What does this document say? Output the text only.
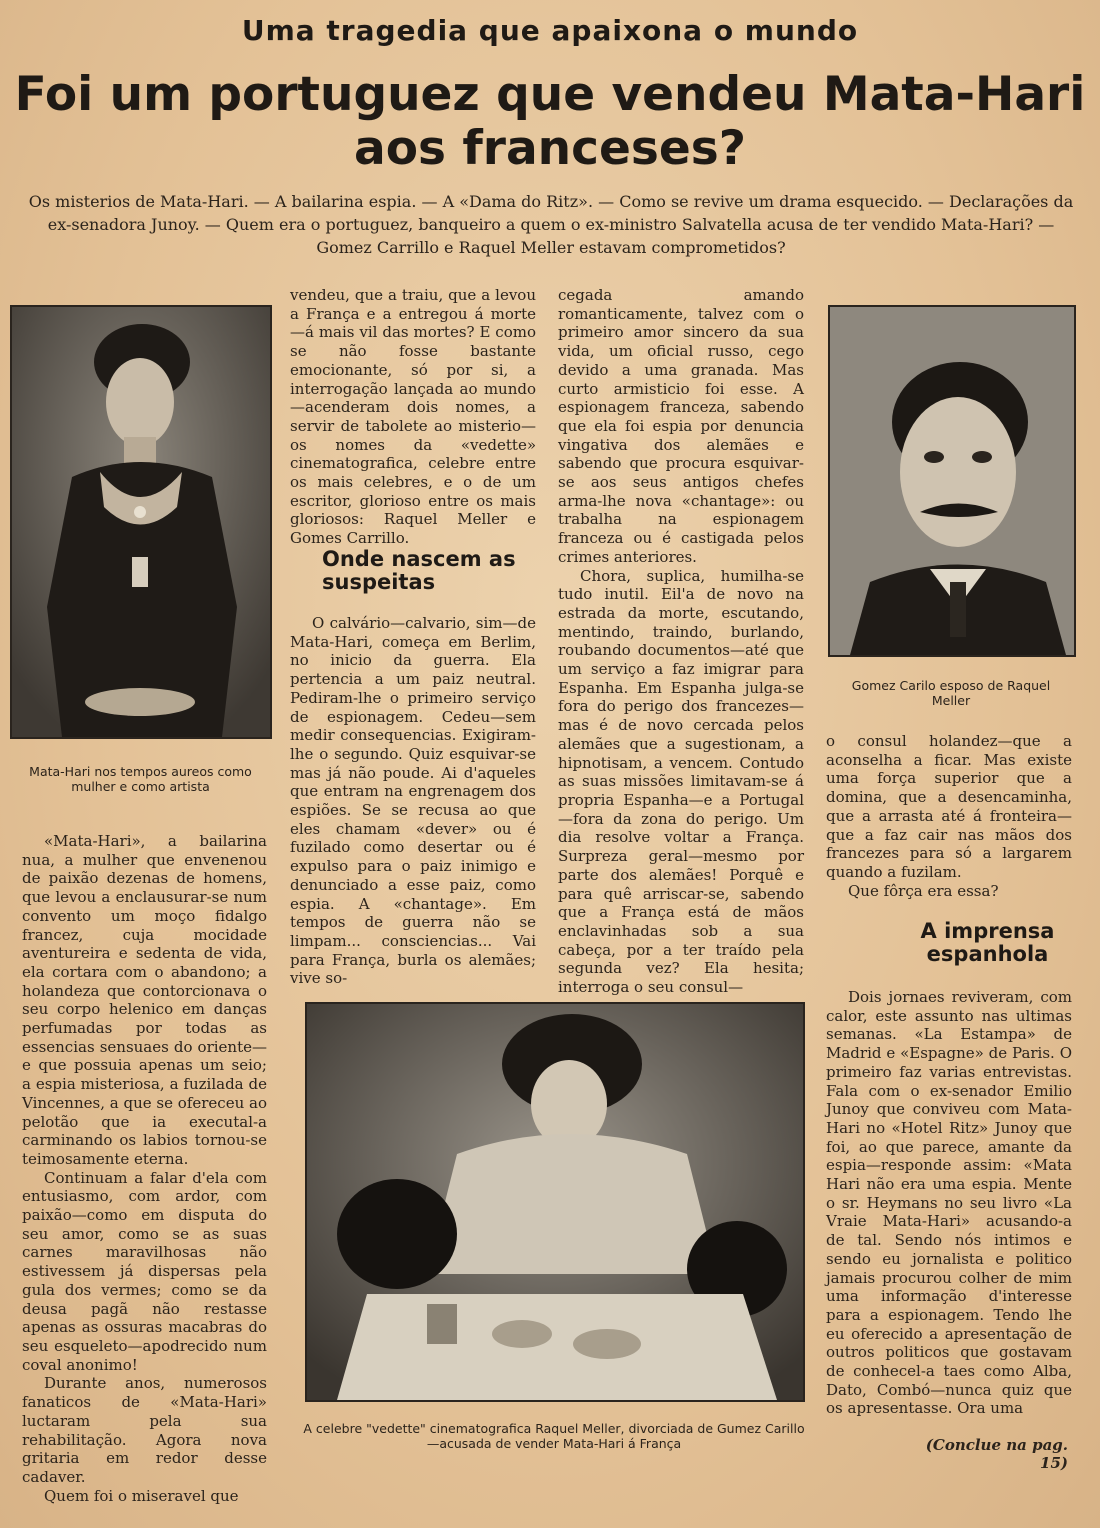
Uma tragedia que apaixona o mundo
Foi um portuguez que vendeu Mata-Hari
aos franceses?
Os misterios de Mata-Hari. — A bailarina espia. — A «Dama do Ritz». — Como se revive um drama esquecido. — Declarações da ex-senadora Junoy. — Quem era o portuguez, banqueiro a quem o ex-ministro Salvatella acusa de ter vendido Mata-Hari? — Gomez Carrillo e Raquel Meller estavam comprometidos?
Mata-Hari nos tempos aureos como mulher e como artista
Gomez Carilo esposo de Raquel Meller
A celebre "vedette" cinematografica Raquel Meller, divorciada de Gumez Carillo—acusada de vender Mata-Hari á França

«Mata-Hari», a bailarina nua, a mulher que envenenou de paixão dezenas de homens, que levou a enclausurar-se num convento um moço fidalgo francez, cuja mocidade aventureira e sedenta de vida, ela cortara com o abandono; a holandeza que contorcionava o seu corpo helenico em danças perfumadas por todas as essencias sensuaes do oriente—e que possuia apenas um seio; a espia misteriosa, a fuzilada de Vincennes, a que se ofereceu ao pelotão que ia executal-a carminando os labios tornou-se teimosamente eterna.

Continuam a falar d'ela com entusiasmo, com ardor, com paixão—como em disputa do seu amor, como se as suas carnes maravilhosas não estivessem já dispersas pela gula dos vermes; como se da deusa pagã não restasse apenas as ossuras macabras do seu esqueleto—apodrecido num coval anonimo!

Durante anos, numerosos fanaticos de «Mata-Hari» luctaram pela sua rehabilitação. Agora nova gritaria em redor desse cadaver.

Quem foi o miseravel que

vendeu, que a traiu, que a levou a França e a entregou á morte—á mais vil das mortes? E como se não fosse bastante emocionante, só por si, a interrogação lançada ao mundo—acenderam dois nomes, a servir de tabolete ao misterio—os nomes da «vedette» cinematografica, celebre entre os mais celebres, e o de um escritor, glorioso entre os mais gloriosos: Raquel Meller e Gomes Carrillo.

Onde nascem as suspeitas

O calvário—calvario, sim—de Mata-Hari, começa em Berlim, no inicio da guerra. Ela pertencia a um paiz neutral. Pediram-lhe o primeiro serviço de espionagem. Cedeu—sem medir consequencias. Exigiram-lhe o segundo. Quiz esquivar-se mas já não poude. Ai d'aqueles que entram na engrenagem dos espiões. Se se recusa ao que eles chamam «dever» ou é fuzilado como desertar ou é expulso para o paiz inimigo e denunciado a esse paiz, como espia. A «chantage». Em tempos de guerra não se limpam... consciencias... Vai para França, burla os alemães; vive so-

cegada amando romanticamente, talvez com o primeiro amor sincero da sua vida, um oficial russo, cego devido a uma granada. Mas curto armisticio foi esse. A espionagem franceza, sabendo que ela foi espia por denuncia vingativa dos alemães e sabendo que procura esquivar-se aos seus antigos chefes arma-lhe nova «chantage»: ou trabalha na espionagem franceza ou é castigada pelos crimes anteriores.

Chora, suplica, humilha-se tudo inutil. Eil'a de novo na estrada da morte, escutando, mentindo, traindo, burlando, roubando documentos—até que um serviço a faz imigrar para Espanha. Em Espanha julga-se fora do perigo dos francezes—mas é de novo cercada pelos alemães que a sugestionam, a hipnotisam, a vencem. Contudo as suas missões limitavam-se á propria Espanha—e a Portugal—fora da zona do perigo. Um dia resolve voltar a França. Surpreza geral—mesmo por parte dos alemães! Porquê e para quê arriscar-se, sabendo que a França está de mãos enclavinhadas sob a sua cabeça, por a ter traído pela segunda vez? Ela hesita; interroga o seu consul—

o consul holandez—que a aconselha a ficar. Mas existe uma força superior que a domina, que a desencaminha, que a arrasta até á fronteira—que a faz cair nas mãos dos francezes para só a largarem quando a fuzilam.

Que fôrça era essa?

A imprensa espanhola

Dois jornaes reviveram, com calor, este assunto nas ultimas semanas. «La Estampa» de Madrid e «Espagne» de Paris. O primeiro faz varias entrevistas. Fala com o ex-senador Emilio Junoy que conviveu com Mata-Hari no «Hotel Ritz» Junoy que foi, ao que parece, amante da espia—responde assim: «Mata Hari não era uma espia. Mente o sr. Heymans no seu livro «La Vraie Mata-Hari» acusando-a de tal. Sendo nós intimos e sendo eu jornalista e politico jamais procurou colher de mim uma informação d'interesse para a espionagem. Tendo lhe eu oferecido a apresentação de outros politicos que gostavam de conhecel-a taes como Alba, Dato, Combó—nunca quiz que os apresentasse. Ora uma

(Conclue na pag. 15)
